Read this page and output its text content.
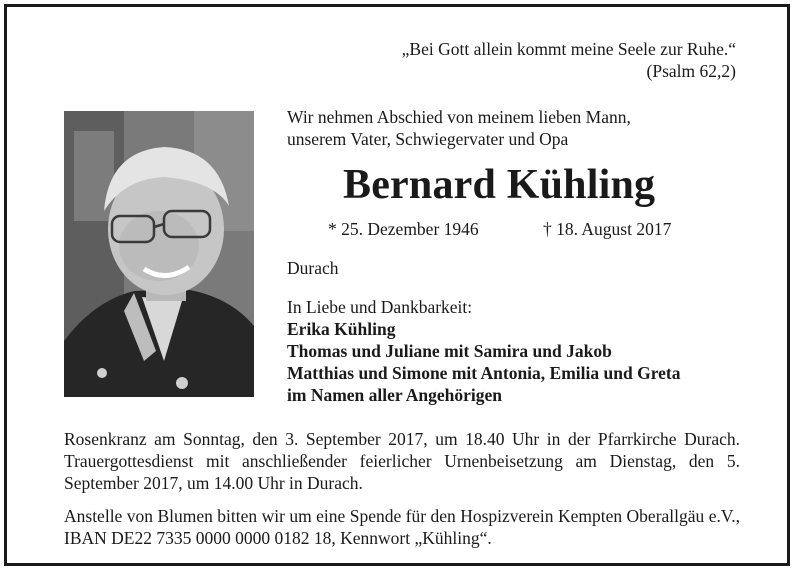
„Bei Gott allein kommt meine Seele zur Ruhe.“
(Psalm 62,2)
Wir nehmen Abschied von meinem lieben Mann,
unserem Vater, Schwiegervater und Opa
Bernard Kühling
* 25. Dezember 1946	† 18. August 2017
Durach
In Liebe und Dankbarkeit:
Erika Kühling
Thomas und Juliane mit Samira und Jakob
Matthias und Simone mit Antonia, Emilia und Greta
im Namen aller Angehörigen
Rosenkranz am Sonntag, den 3. September 2017, um 18.40 Uhr in der Pfarrkirche Durach. Trauergottesdienst mit anschließender feierlicher Urnenbeisetzung am Dienstag, den 5. September 2017, um 14.00 Uhr in Durach.
Anstelle von Blumen bitten wir um eine Spende für den Hospizverein Kempten Oberallgäu e.V., IBAN DE22 7335 0000 0000 0182 18, Kennwort „Kühling“.
